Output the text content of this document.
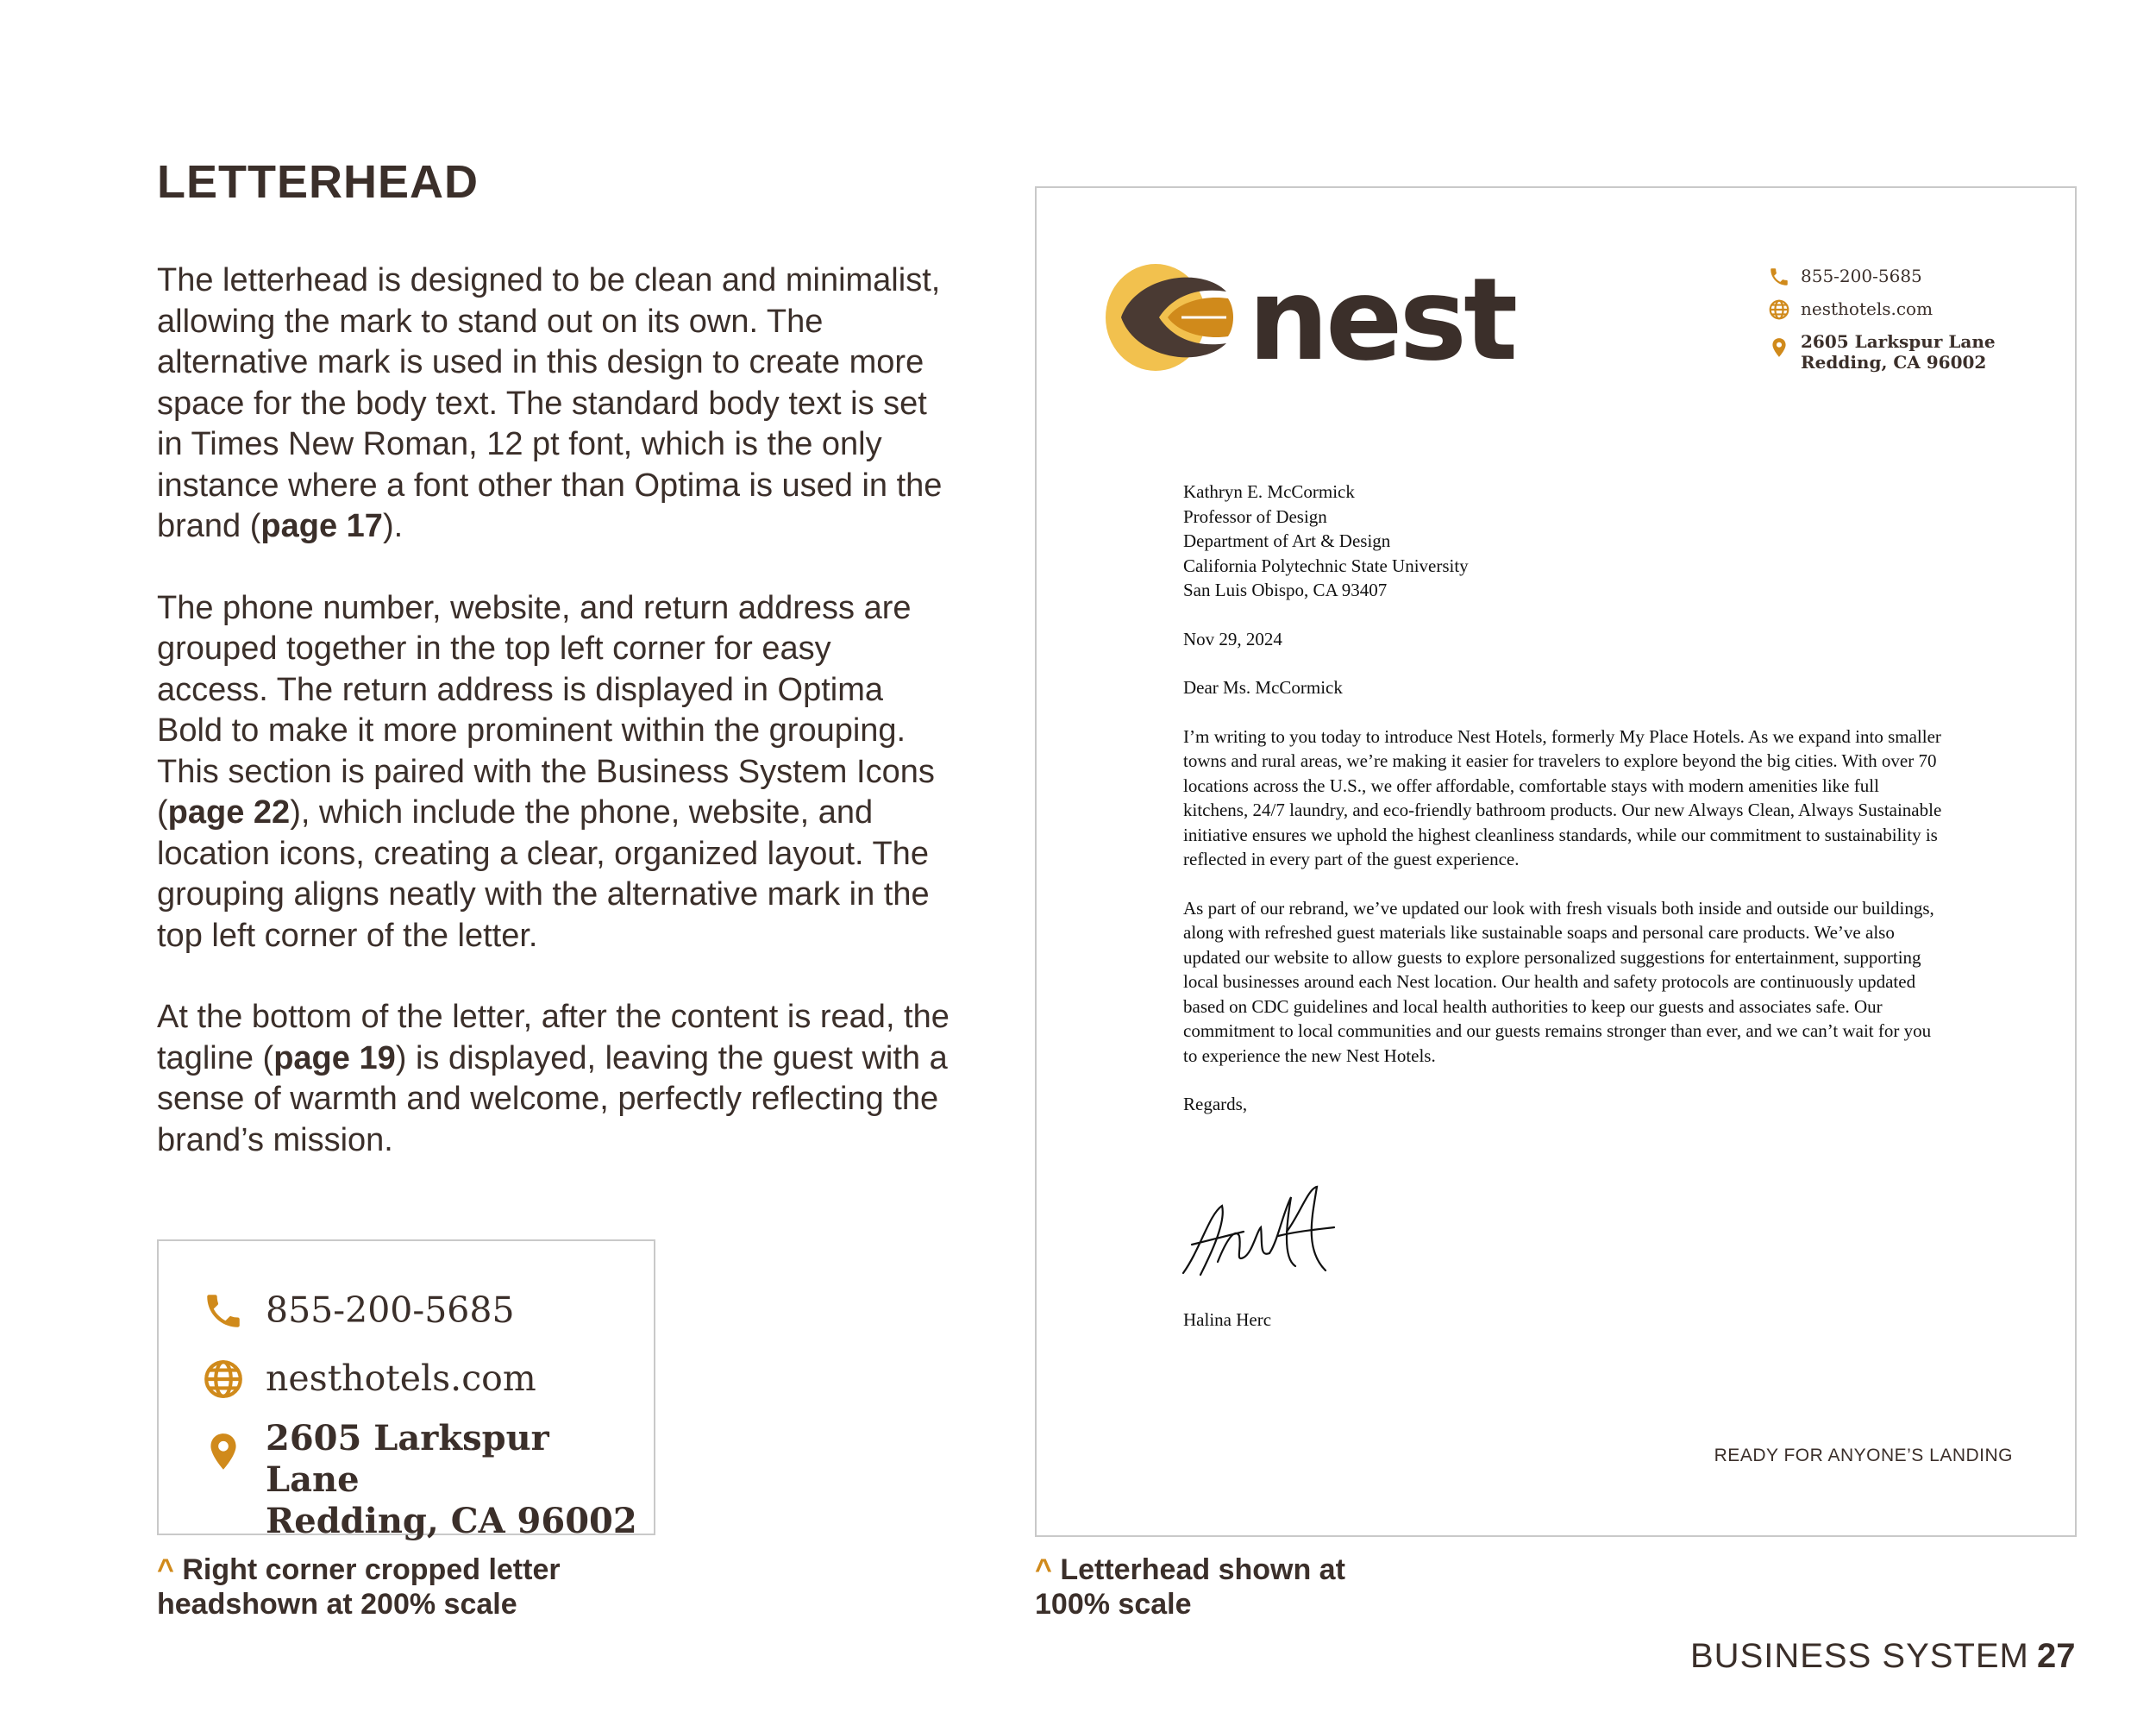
LETTERHEAD

The letterhead is designed to be clean and minimalist, allowing the mark to stand out on its own. The alternative mark is used in this design to create more space for the body text. The standard body text is set in Times New Roman, 12 pt font, which is the only instance where a font other than Optima is used in the brand (page 17).

The phone number, website, and return address are grouped together in the top left corner for easy access. The return address is displayed in Optima Bold to make it more prominent within the grouping. This section is paired with the Business System Icons (page 22), which include the phone, website, and location icons, creating a clear, organized layout. The grouping aligns neatly with the alternative mark in the top left corner of the letter.

At the bottom of the letter, after the content is read, the tagline (page 19) is displayed, leaving the guest with a sense of warmth and welcome, perfectly reflecting the brand’s mission.

855-200-5685
nesthotels.com
2605 Larkspur Lane
Redding, CA 96002
^ Right corner cropped letter
headshown at 200% scale
nest	855-200-5685
nesthotels.com
2605 Larkspur Lane
Redding, CA 96002

Kathryn E. McCormick
Professor of Design
Department of Art & Design
California Polytechnic State University
San Luis Obispo, CA 93407

Nov 29, 2024

Dear Ms. McCormick

I’m writing to you today to introduce Nest Hotels, formerly My Place Hotels. As we expand into smaller towns and rural areas, we’re making it easier for travelers to explore beyond the big cities. With over 70 locations across the U.S., we offer affordable, comfortable stays with modern amenities like full kitchens, 24/7 laundry, and eco-friendly bathroom products. Our new Always Clean, Always Sustainable initiative ensures we uphold the highest cleanliness standards, while our commitment to sustainability is reflected in every part of the guest experience.

As part of our rebrand, we’ve updated our look with fresh visuals both inside and outside our buildings, along with refreshed guest materials like sustainable soaps and personal care products. We’ve also updated our website to allow guests to explore personalized suggestions for entertainment, supporting local businesses around each Nest location. Our health and safety protocols are continuously updated based on CDC guidelines and local health authorities to keep our guests and associates safe. Our commitment to local communities and our guests remains stronger than ever, and we can’t wait for you to experience the new Nest Hotels.

Regards,

Halina Herc
READY FOR ANYONE’S LANDING
^ Letterhead shown at
100% scale
BUSINESS SYSTEM 27
